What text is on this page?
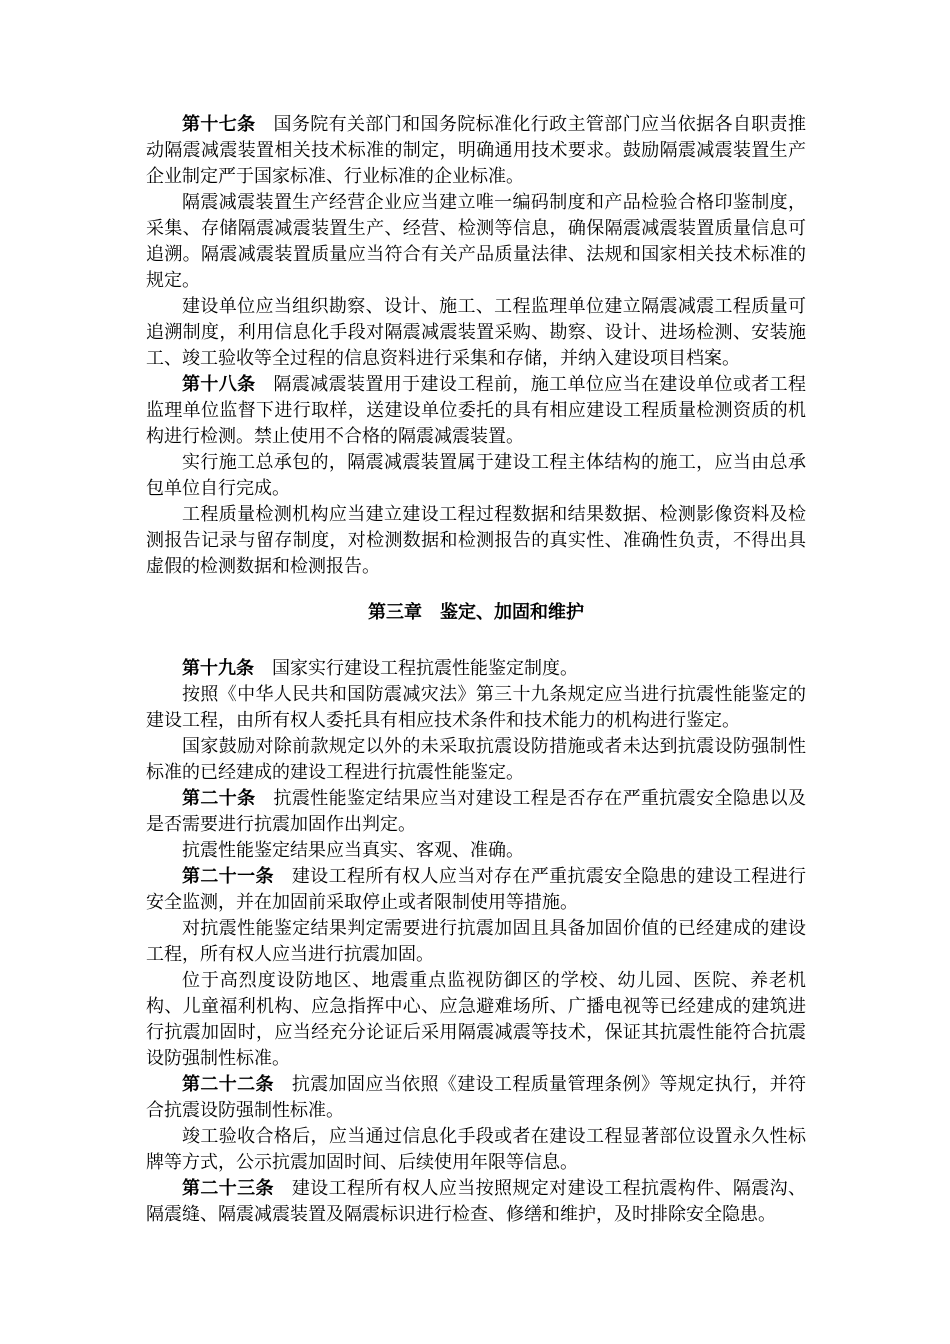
第十七条 国务院有关部门和国务院标准化行政主管部门应当依据各自职责推动隔震减震装置相关技术标准的制定，明确通用技术要求。鼓励隔震减震装置生产企业制定严于国家标准、行业标准的企业标准。

隔震减震装置生产经营企业应当建立唯一编码制度和产品检验合格印鉴制度，采集、存储隔震减震装置生产、经营、检测等信息，确保隔震减震装置质量信息可追溯。隔震减震装置质量应当符合有关产品质量法律、法规和国家相关技术标准的规定。

建设单位应当组织勘察、设计、施工、工程监理单位建立隔震减震工程质量可追溯制度，利用信息化手段对隔震减震装置采购、勘察、设计、进场检测、安装施工、竣工验收等全过程的信息资料进行采集和存储，并纳入建设项目档案。

第十八条 隔震减震装置用于建设工程前，施工单位应当在建设单位或者工程监理单位监督下进行取样，送建设单位委托的具有相应建设工程质量检测资质的机构进行检测。禁止使用不合格的隔震减震装置。

实行施工总承包的，隔震减震装置属于建设工程主体结构的施工，应当由总承包单位自行完成。

工程质量检测机构应当建立建设工程过程数据和结果数据、检测影像资料及检测报告记录与留存制度，对检测数据和检测报告的真实性、准确性负责，不得出具虚假的检测数据和检测报告。

第三章　鉴定、加固和维护

第十九条 国家实行建设工程抗震性能鉴定制度。

按照《中华人民共和国防震减灾法》第三十九条规定应当进行抗震性能鉴定的建设工程，由所有权人委托具有相应技术条件和技术能力的机构进行鉴定。

国家鼓励对除前款规定以外的未采取抗震设防措施或者未达到抗震设防强制性标准的已经建成的建设工程进行抗震性能鉴定。

第二十条 抗震性能鉴定结果应当对建设工程是否存在严重抗震安全隐患以及是否需要进行抗震加固作出判定。

抗震性能鉴定结果应当真实、客观、准确。

第二十一条 建设工程所有权人应当对存在严重抗震安全隐患的建设工程进行安全监测，并在加固前采取停止或者限制使用等措施。

对抗震性能鉴定结果判定需要进行抗震加固且具备加固价值的已经建成的建设工程，所有权人应当进行抗震加固。

位于高烈度设防地区、地震重点监视防御区的学校、幼儿园、医院、养老机构、儿童福利机构、应急指挥中心、应急避难场所、广播电视等已经建成的建筑进行抗震加固时，应当经充分论证后采用隔震减震等技术，保证其抗震性能符合抗震设防强制性标准。

第二十二条 抗震加固应当依照《建设工程质量管理条例》等规定执行，并符合抗震设防强制性标准。

竣工验收合格后，应当通过信息化手段或者在建设工程显著部位设置永久性标牌等方式，公示抗震加固时间、后续使用年限等信息。

第二十三条 建设工程所有权人应当按照规定对建设工程抗震构件、隔震沟、隔震缝、隔震减震装置及隔震标识进行检查、修缮和维护，及时排除安全隐患。
